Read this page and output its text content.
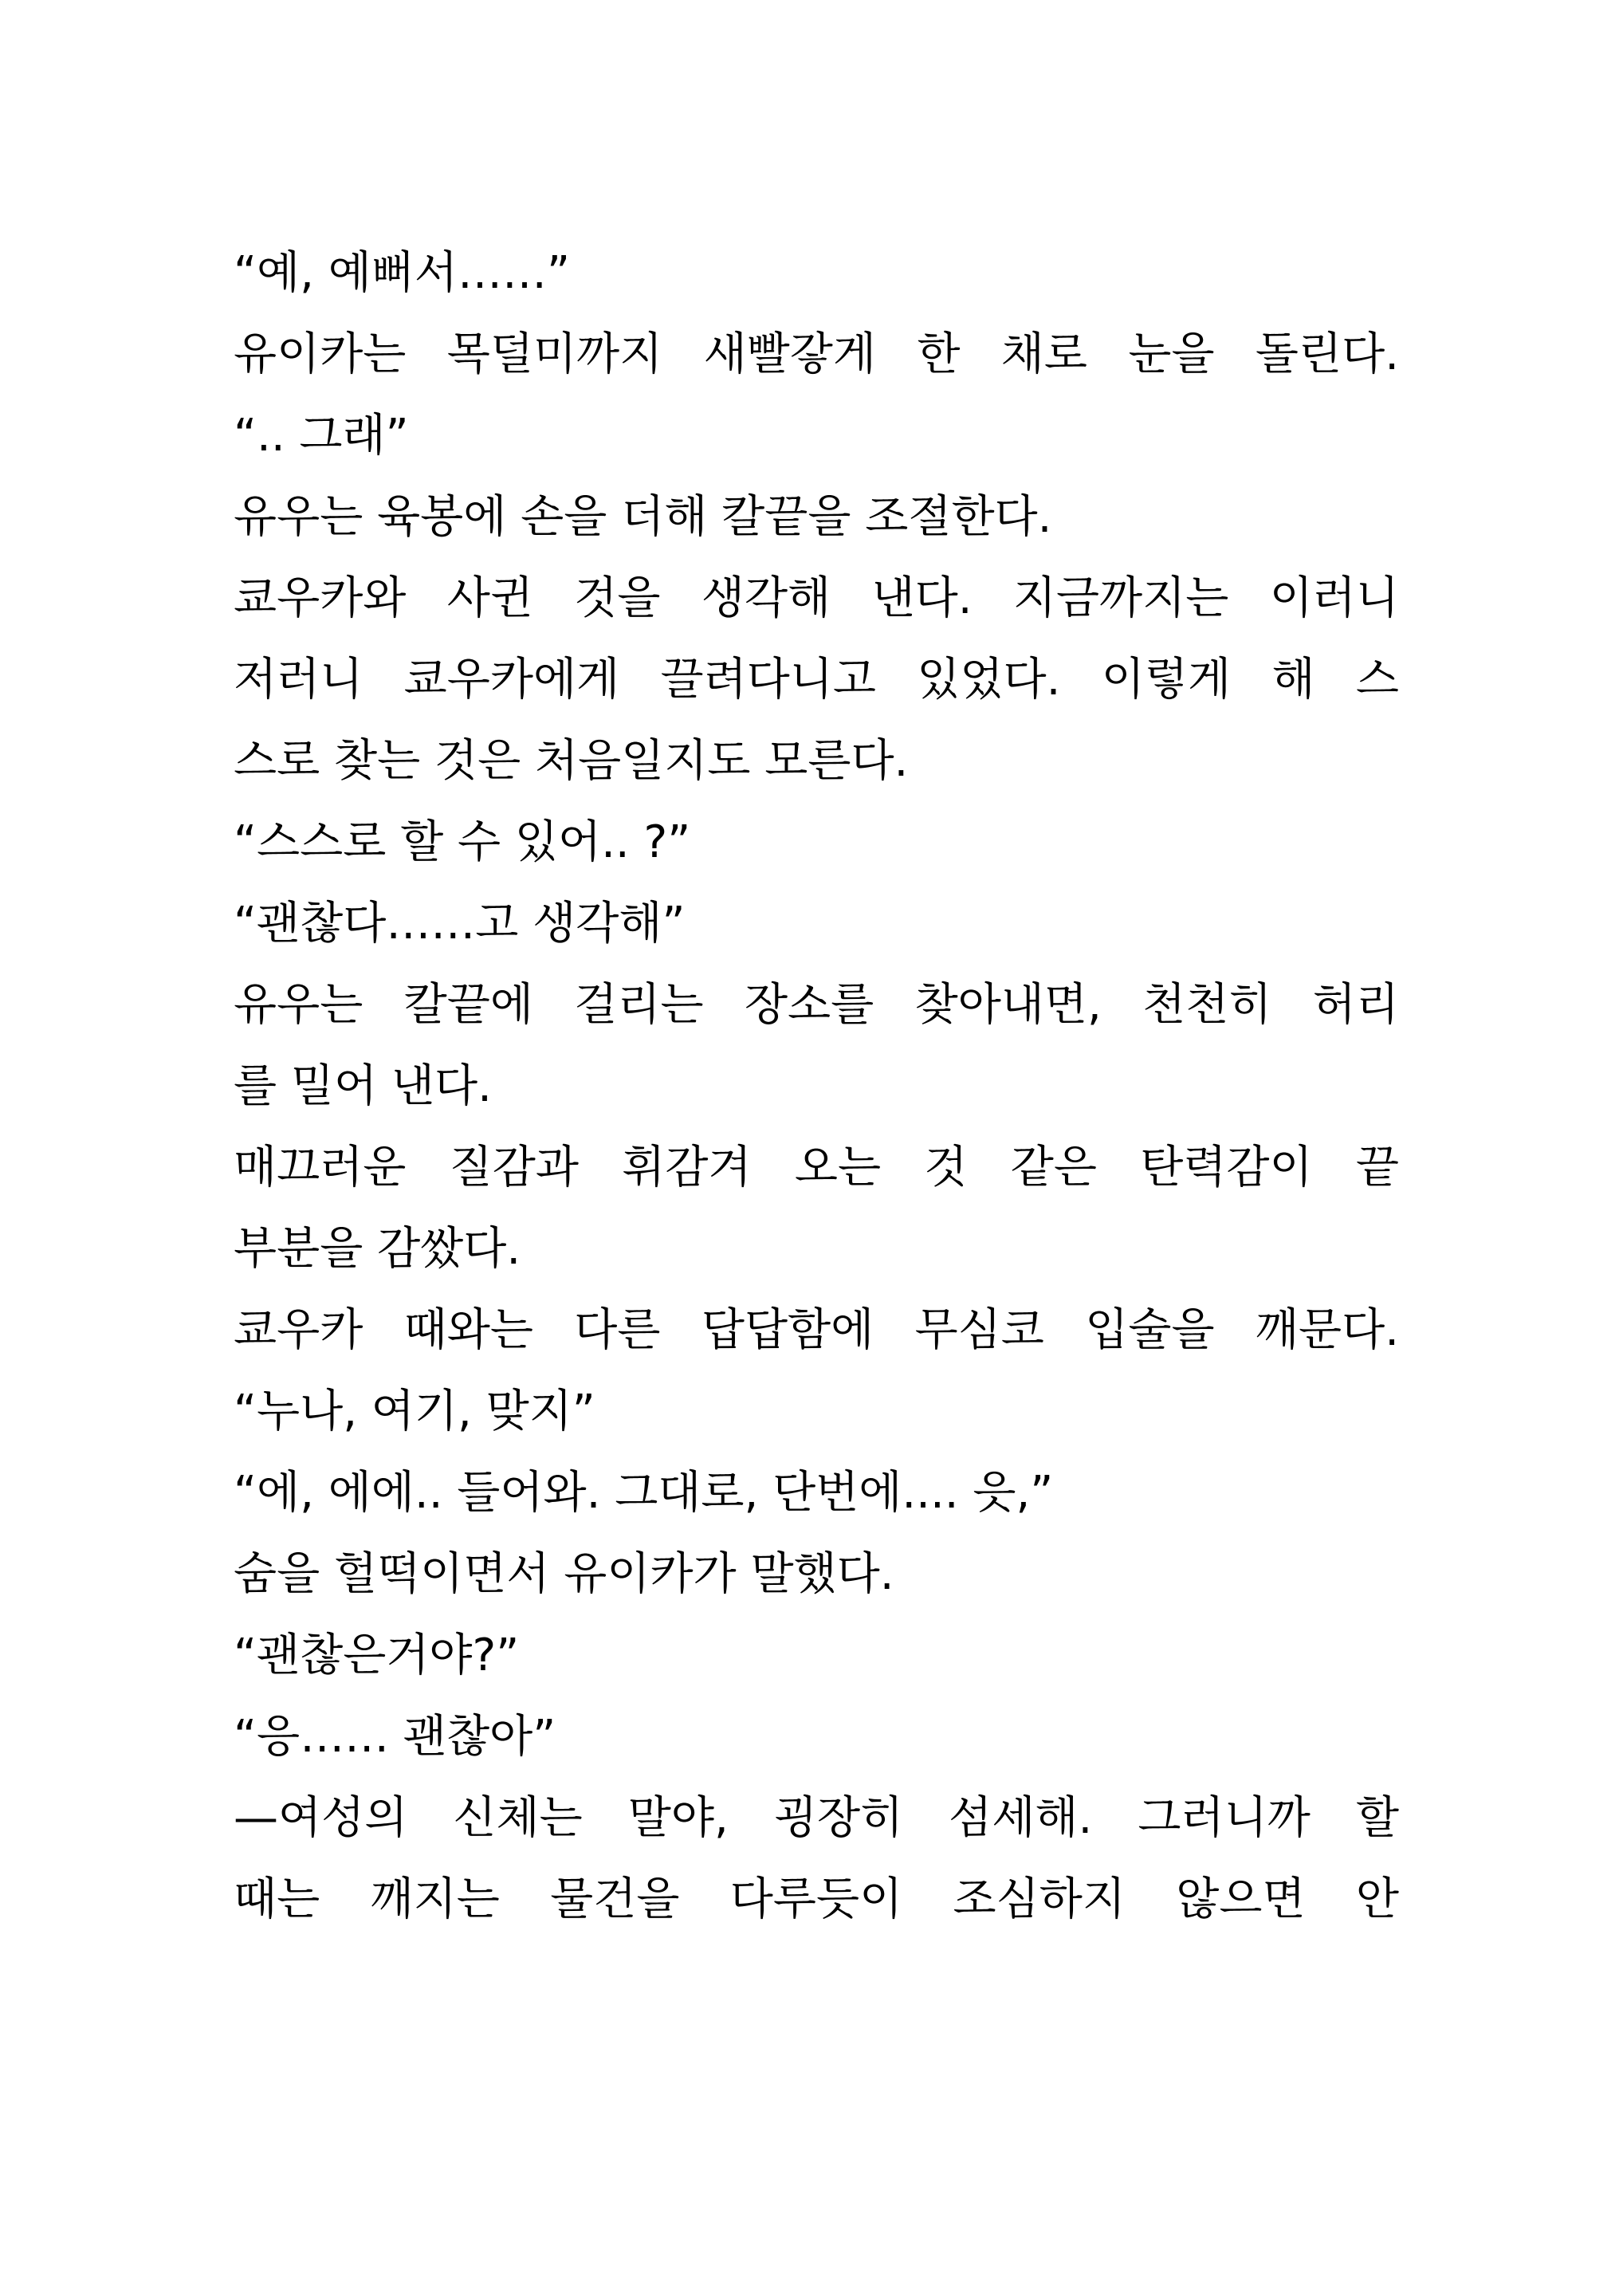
“예, 예뻐서……”
유이카는 목덜미까지 새빨갛게 한 채로 눈을 돌린다.
“.. 그래”
유우는 육봉에 손을 더해 칼끝을 조절한다.
쿄우카와 사귄 것을 생각해 낸다. 지금까지는 이러니
저러니 쿄우카에게 끌려다니고 있었다. 이렇게 해 스
스로 찾는 것은 처음일지도 모른다.
“스스로 할 수 있어.. ?”
“괜찮다……고 생각해”
유우는 칼끝에 걸리는 장소를 찾아내면, 천천히 허리
를 밀어 낸다.
매끄러운 질감과 휘감겨 오는 것 같은 탄력감이 끝
부분을 감쌌다.
쿄우카 때와는 다른 답답함에 무심코 입술을 깨문다.
“누나, 여기, 맞지”
“에, 에에.. 들어와. 그대로, 단번에.... 읏,”
숨을 헐떡이면서 유이카가 말했다.
“괜찮은거야?”
“응…… 괜찮아”
—여성의 신체는 말야, 굉장히 섬세해. 그러니까 할
때는 깨지는 물건을 다루듯이 조심하지 않으면 안
